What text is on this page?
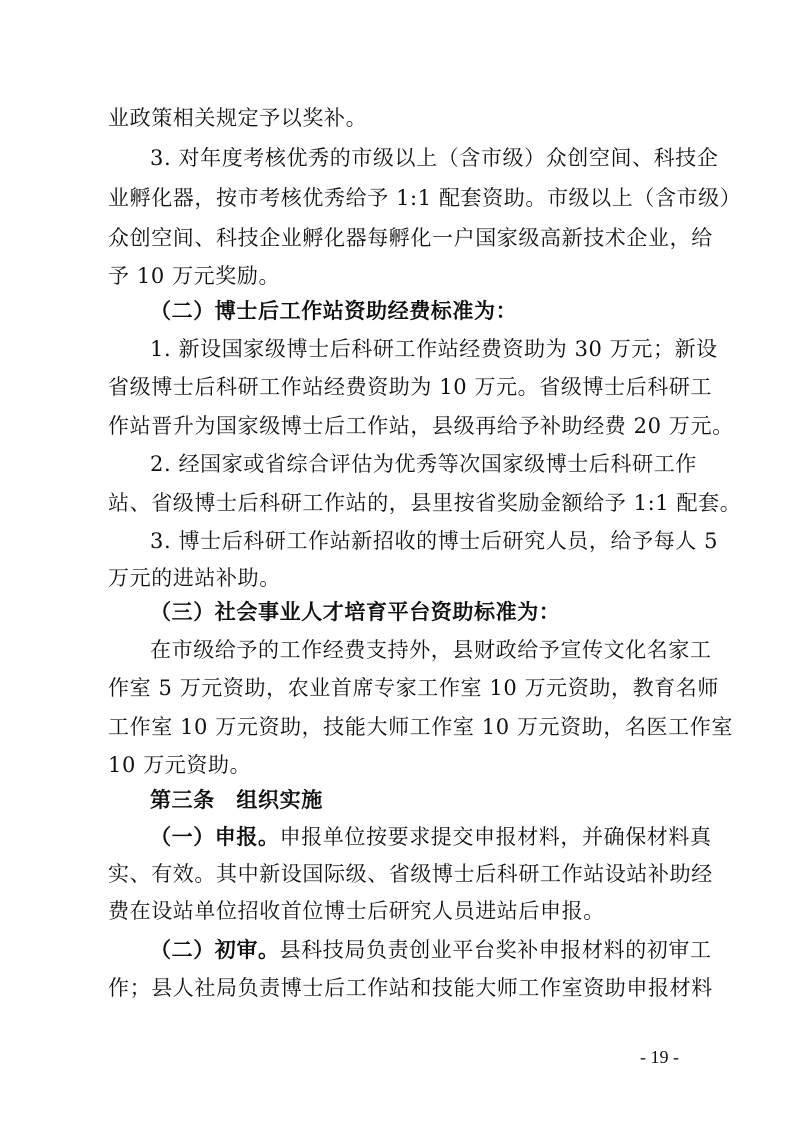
业政策相关规定予以奖补。
3. 对年度考核优秀的市级以上（含市级）众创空间、科技企
业孵化器，按市考核优秀给予 1:1 配套资助。市级以上（含市级）
众创空间、科技企业孵化器每孵化一户国家级高新技术企业，给
予 10 万元奖励。
（二）博士后工作站资助经费标准为：
1. 新设国家级博士后科研工作站经费资助为 30 万元；新设
省级博士后科研工作站经费资助为 10 万元。省级博士后科研工
作站晋升为国家级博士后工作站，县级再给予补助经费 20 万元。
2. 经国家或省综合评估为优秀等次国家级博士后科研工作
站、省级博士后科研工作站的，县里按省奖励金额给予 1:1 配套。
3. 博士后科研工作站新招收的博士后研究人员，给予每人 5
万元的进站补助。
（三）社会事业人才培育平台资助标准为：
在市级给予的工作经费支持外，县财政给予宣传文化名家工
作室 5 万元资助，农业首席专家工作室 10 万元资助，教育名师
工作室 10 万元资助，技能大师工作室 10 万元资助，名医工作室
10 万元资助。
第三条　组织实施
（一）申报。申报单位按要求提交申报材料，并确保材料真
实、有效。其中新设国际级、省级博士后科研工作站设站补助经
费在设站单位招收首位博士后研究人员进站后申报。
（二）初审。县科技局负责创业平台奖补申报材料的初审工
作；县人社局负责博士后工作站和技能大师工作室资助申报材料
- 19 -
